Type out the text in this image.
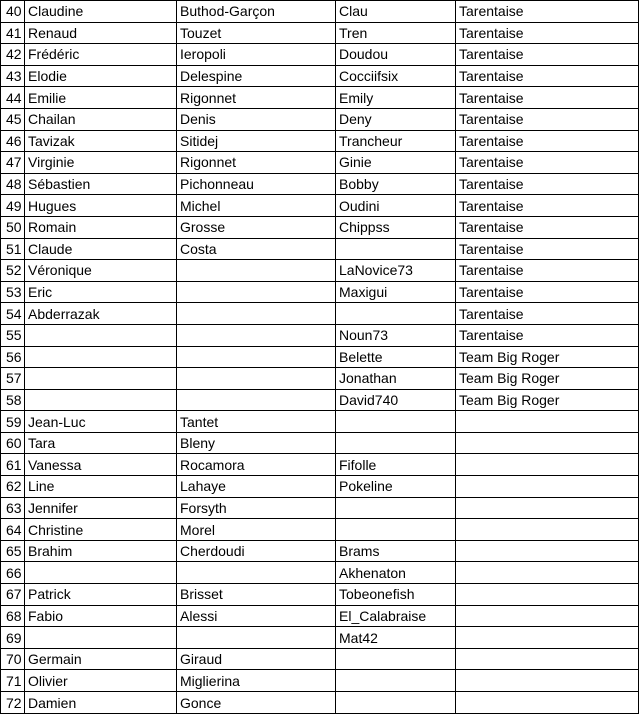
40	Claudine	Buthod-Garçon	Clau	Tarentaise
41	Renaud	Touzet	Tren	Tarentaise
42	Frédéric	Ieropoli	Doudou	Tarentaise
43	Elodie	Delespine	Cocciifsix	Tarentaise
44	Emilie	Rigonnet	Emily	Tarentaise
45	Chailan	Denis	Deny	Tarentaise
46	Tavizak	Sitidej	Trancheur	Tarentaise
47	Virginie	Rigonnet	Ginie	Tarentaise
48	Sébastien	Pichonneau	Bobby	Tarentaise
49	Hugues	Michel	Oudini	Tarentaise
50	Romain	Grosse	Chippss	Tarentaise
51	Claude	Costa		Tarentaise
52	Véronique		LaNovice73	Tarentaise
53	Eric		Maxigui	Tarentaise
54	Abderrazak			Tarentaise
55			Noun73	Tarentaise
56			Belette	Team Big Roger
57			Jonathan	Team Big Roger
58			David740	Team Big Roger
59	Jean-Luc	Tantet		
60	Tara	Bleny		
61	Vanessa	Rocamora	Fifolle	
62	Line	Lahaye	Pokeline	
63	Jennifer	Forsyth		
64	Christine	Morel		
65	Brahim	Cherdoudi	Brams	
66			Akhenaton	
67	Patrick	Brisset	Tobeonefish	
68	Fabio	Alessi	El_Calabraise	
69			Mat42	
70	Germain	Giraud		
71	Olivier	Miglierina		
72	Damien	Gonce		
